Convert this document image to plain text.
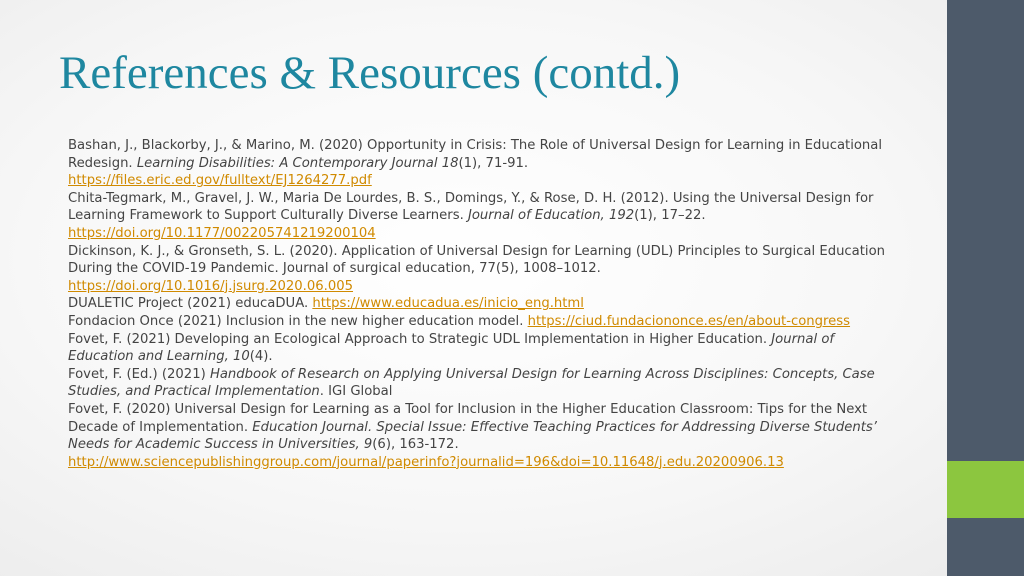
References & Resources (contd.)

Bashan, J., Blackorby, J., & Marino, M. (2020) Opportunity in Crisis: The Role of Universal Design for Learning in Educational Redesign. Learning Disabilities: A Contemporary Journal 18(1), 71-91.
https://files.eric.ed.gov/fulltext/EJ1264277.pdf

Chita-Tegmark, M., Gravel, J. W., Maria De Lourdes, B. S., Domings, Y., & Rose, D. H. (2012). Using the Universal Design for Learning Framework to Support Culturally Diverse Learners. Journal of Education, 192(1), 17–22.
https://doi.org/10.1177/002205741219200104

Dickinson, K. J., & Gronseth, S. L. (2020). Application of Universal Design for Learning (UDL) Principles to Surgical Education During the COVID-19 Pandemic. Journal of surgical education, 77(5), 1008–1012.
https://doi.org/10.1016/j.jsurg.2020.06.005

DUALETIC Project (2021) educaDUA. https://www.educadua.es/inicio_eng.html

Fondacion Once (2021) Inclusion in the new higher education model. https://ciud.fundaciononce.es/en/about-congress

Fovet, F. (2021) Developing an Ecological Approach to Strategic UDL Implementation in Higher Education. Journal of Education and Learning, 10(4).

Fovet, F. (Ed.) (2021) Handbook of Research on Applying Universal Design for Learning Across Disciplines: Concepts, Case Studies, and Practical Implementation. IGI Global

Fovet, F. (2020) Universal Design for Learning as a Tool for Inclusion in the Higher Education Classroom: Tips for the Next Decade of Implementation. Education Journal. Special Issue: Effective Teaching Practices for Addressing Diverse Students’ Needs for Academic Success in Universities, 9(6), 163-172.
http://www.sciencepublishinggroup.com/journal/paperinfo?journalid=196&doi=10.11648/j.edu.20200906.13
